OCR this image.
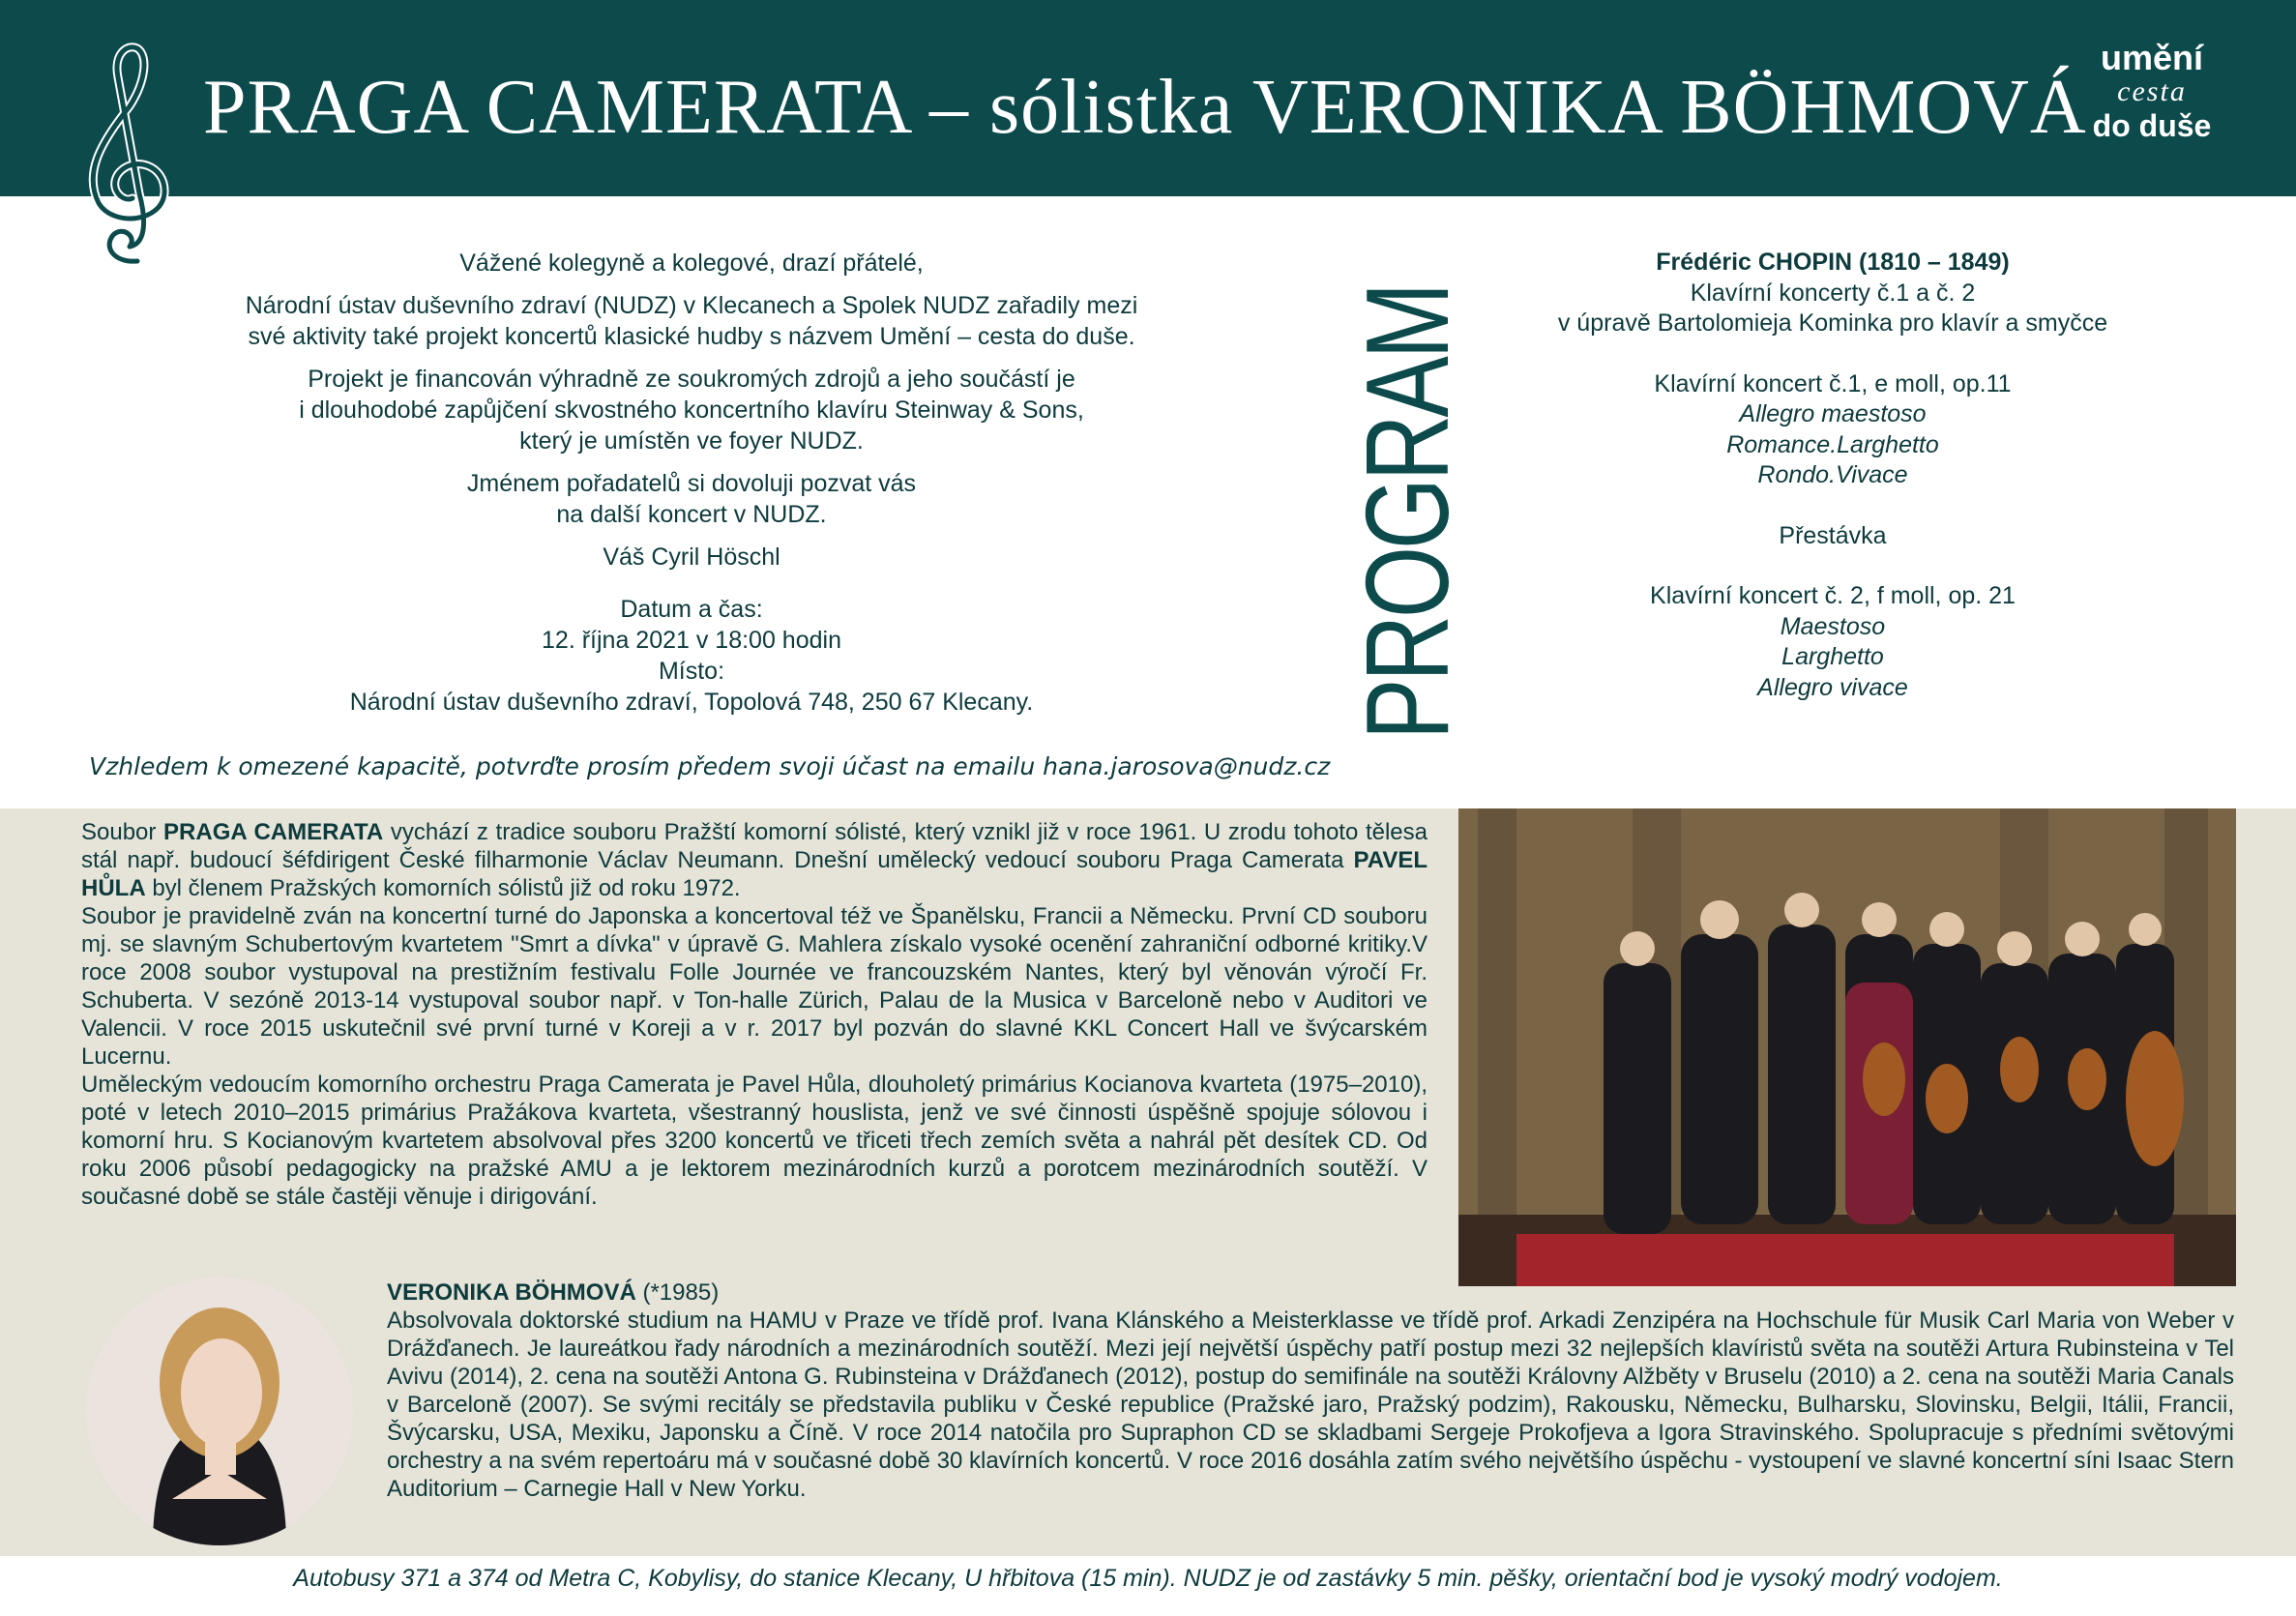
PRAGA CAMERATA – sólistka VERONIKA BÖHMOVÁ
umění
cesta
do duše

Vážené kolegyně a kolegové, drazí přátelé,

Národní ústav duševního zdraví (NUDZ) v Klecanech a Spolek NUDZ zařadily mezi
své aktivity také projekt koncertů klasické hudby s názvem Umění – cesta do duše.

Projekt je financován výhradně ze soukromých zdrojů a jeho součástí je
i dlouhodobé zapůjčení skvostného koncertního klavíru Steinway & Sons,
který je umístěn ve foyer NUDZ.

Jménem pořadatelů si dovoluji pozvat vás
na další koncert v NUDZ.

Váš Cyril Höschl

Datum a čas:
12. října 2021 v 18:00 hodin

Místo:
Národní ústav duševního zdraví, Topolová 748, 250 67 Klecany.

Vzhledem k omezené kapacitě, potvrďte prosím předem svoji účast na emailu hana.jarosova@nudz.cz
PROGRAM
Frédéric CHOPIN (1810 – 1849)
Klavírní koncerty č.1 a č. 2
v úpravě Bartolomieja Kominka pro klavír a smyčce
Klavírní koncert č.1, e moll, op.11
Allegro maestoso
Romance.Larghetto
Rondo.Vivace
Přestávka
Klavírní koncert č. 2, f moll, op. 21
Maestoso
Larghetto
Allegro vivace

Soubor PRAGA CAMERATA vychází z tradice souboru Pražští komorní sólisté, který vznikl již v roce 1961. U zrodu tohoto tělesa stál např. budoucí šéfdirigent České filharmonie Václav Neumann. Dnešní umělecký vedoucí souboru Praga Camerata PAVEL HŮLA byl členem Pražských komorních sólistů již od roku 1972.

Soubor je pravidelně zván na koncertní turné do Japonska a koncertoval též ve Španělsku, Francii a Německu. První CD souboru mj. se slavným Schubertovým kvartetem "Smrt a dívka" v úpravě G. Mahlera získalo vysoké ocenění zahraniční odborné kritiky.V roce 2008 soubor vystupoval na prestižním festivalu Folle Journée ve francouzském Nantes, který byl věnován výročí Fr. Schuberta. V sezóně 2013-14 vystupoval soubor např. v Ton-halle Zürich, Palau de la Musica v Barceloně nebo v Auditori ve Valencii. V roce 2015 uskutečnil své první turné v Koreji a v r. 2017 byl pozván do slavné KKL Concert Hall ve švýcarském Lucernu.

Uměleckým vedoucím komorního orchestru Praga Camerata je Pavel Hůla, dlouholetý primárius Kocianova kvarteta (1975–2010), poté v letech 2010–2015 primárius Pražákova kvarteta, všestranný houslista, jenž ve své činnosti úspěšně spojuje sólovou i komorní hru. S Kocianovým kvartetem absolvoval přes 3200 koncertů ve třiceti třech zemích světa a nahrál pět desítek CD. Od roku 2006 působí pedagogicky na pražské AMU a je lektorem mezinárodních kurzů a porotcem mezinárodních soutěží. V současné době se stále častěji věnuje i dirigování.

VERONIKA BÖHMOVÁ (*1985)
Absolvovala doktorské studium na HAMU v Praze ve třídě prof. Ivana Klánského a Meisterklasse ve třídě prof. Arkadi Zenzipéra na Hochschule für Musik Carl Maria von Weber v Drážďanech. Je laureátkou řady národních a mezinárodních soutěží. Mezi její největší úspěchy patří postup mezi 32 nejlepších klavíristů světa na soutěži Artura Rubinsteina v Tel Avivu (2014), 2. cena na soutěži Antona G. Rubinsteina v Drážďanech (2012), postup do semifinále na soutěži Královny Alžběty v Bruselu (2010) a 2. cena na soutěži Maria Canals v Barceloně (2007). Se svými recitály se představila publiku v České republice (Pražské jaro, Pražský podzim), Rakousku, Německu, Bulharsku, Slovinsku, Belgii, Itálii, Francii, Švýcarsku, USA, Mexiku, Japonsku a Číně. V roce 2014 natočila pro Supraphon CD se skladbami Sergeje Prokofjeva a Igora Stravinského. Spolupracuje s předními světovými orchestry a na svém repertoáru má v současné době 30 klavírních koncertů. V roce 2016 dosáhla zatím svého největšího úspěchu - vystoupení ve slavné koncertní síni Isaac Stern Auditorium – Carnegie Hall v New Yorku.
Autobusy 371 a 374 od Metra C, Kobylisy, do stanice Klecany, U hřbitova (15 min). NUDZ je od zastávky 5 min. pěšky, orientační bod je vysoký modrý vodojem.
